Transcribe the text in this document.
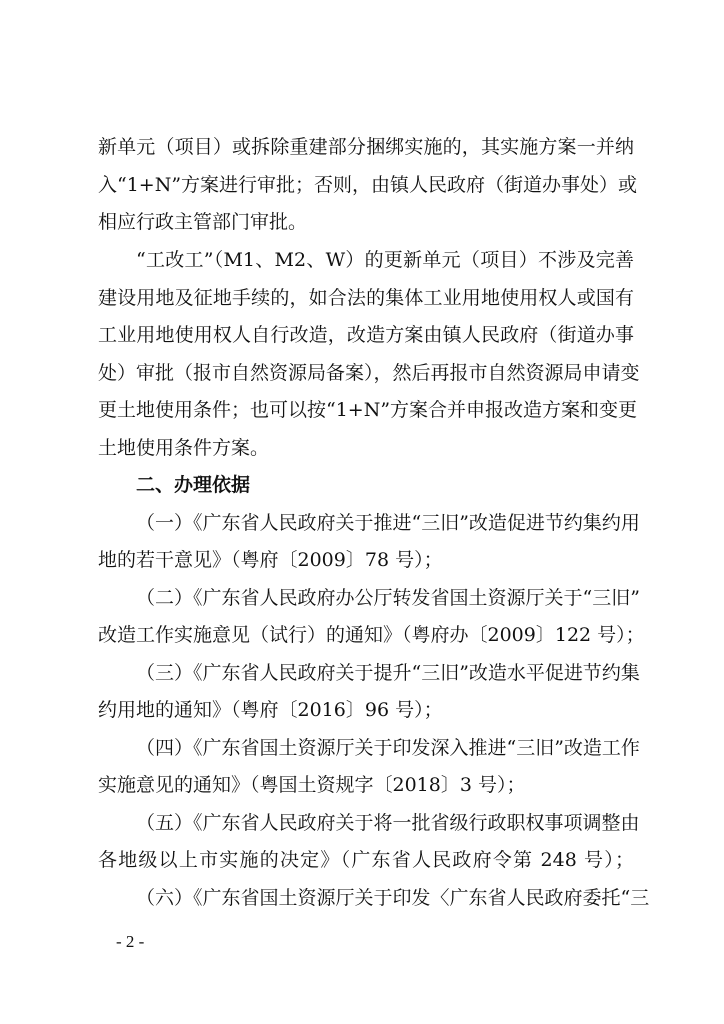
新单元（项目）或拆除重建部分捆绑实施的，其实施方案一并纳
入“1+N”方案进行审批；否则，由镇人民政府（街道办事处）或
相应行政主管部门审批。
“工改工”（M1、M2、W）的更新单元（项目）不涉及完善
建设用地及征地手续的，如合法的集体工业用地使用权人或国有
工业用地使用权人自行改造，改造方案由镇人民政府（街道办事
处）审批（报市自然资源局备案），然后再报市自然资源局申请变
更土地使用条件；也可以按“1+N”方案合并申报改造方案和变更
土地使用条件方案。
二、办理依据
（一）《广东省人民政府关于推进“三旧”改造促进节约集约用
地的若干意见》（粤府〔2009〕78 号）；
（二）《广东省人民政府办公厅转发省国土资源厅关于“三旧”
改造工作实施意见（试行）的通知》（粤府办〔2009〕122 号）；
（三）《广东省人民政府关于提升“三旧”改造水平促进节约集
约用地的通知》（粤府〔2016〕96 号）；
（四）《广东省国土资源厅关于印发深入推进“三旧”改造工作
实施意见的通知》（粤国土资规字〔2018〕3 号）；
（五）《广东省人民政府关于将一批省级行政职权事项调整由
各地级以上市实施的决定》（广东省人民政府令第 248 号）；
（六）《广东省国土资源厅关于印发〈广东省人民政府委托“三
- 2 -
